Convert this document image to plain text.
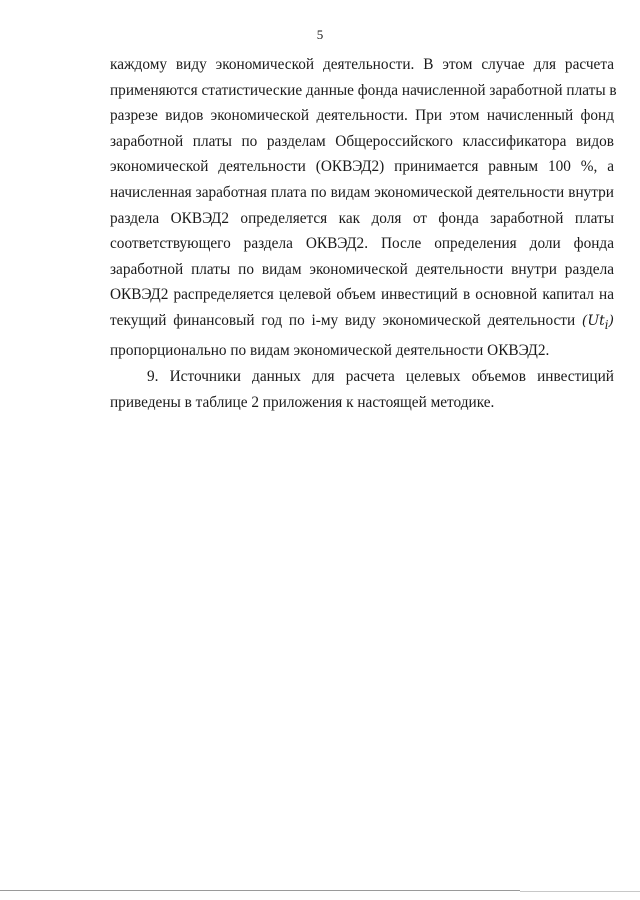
5
каждому виду экономической деятельности. В этом случае для расчета
применяются статистические данные фонда начисленной заработной платы в
разрезе видов экономической деятельности. При этом начисленный фонд
заработной платы по разделам Общероссийского классификатора видов
экономической деятельности (ОКВЭД2) принимается равным 100 %, а
начисленная заработная плата по видам экономической деятельности внутри
раздела ОКВЭД2 определяется как доля от фонда заработной платы
соответствующего раздела ОКВЭД2. После определения доли фонда
заработной платы по видам экономической деятельности внутри раздела
ОКВЭД2 распределяется целевой объем инвестиций в основной капитал на
текущий финансовый год по i-му виду экономической деятельности $(Ut_i)$
пропорционально по видам экономической деятельности ОКВЭД2.
9. Источники данных для расчета целевых объемов инвестиций
приведены в таблице 2 приложения к настоящей методике.
